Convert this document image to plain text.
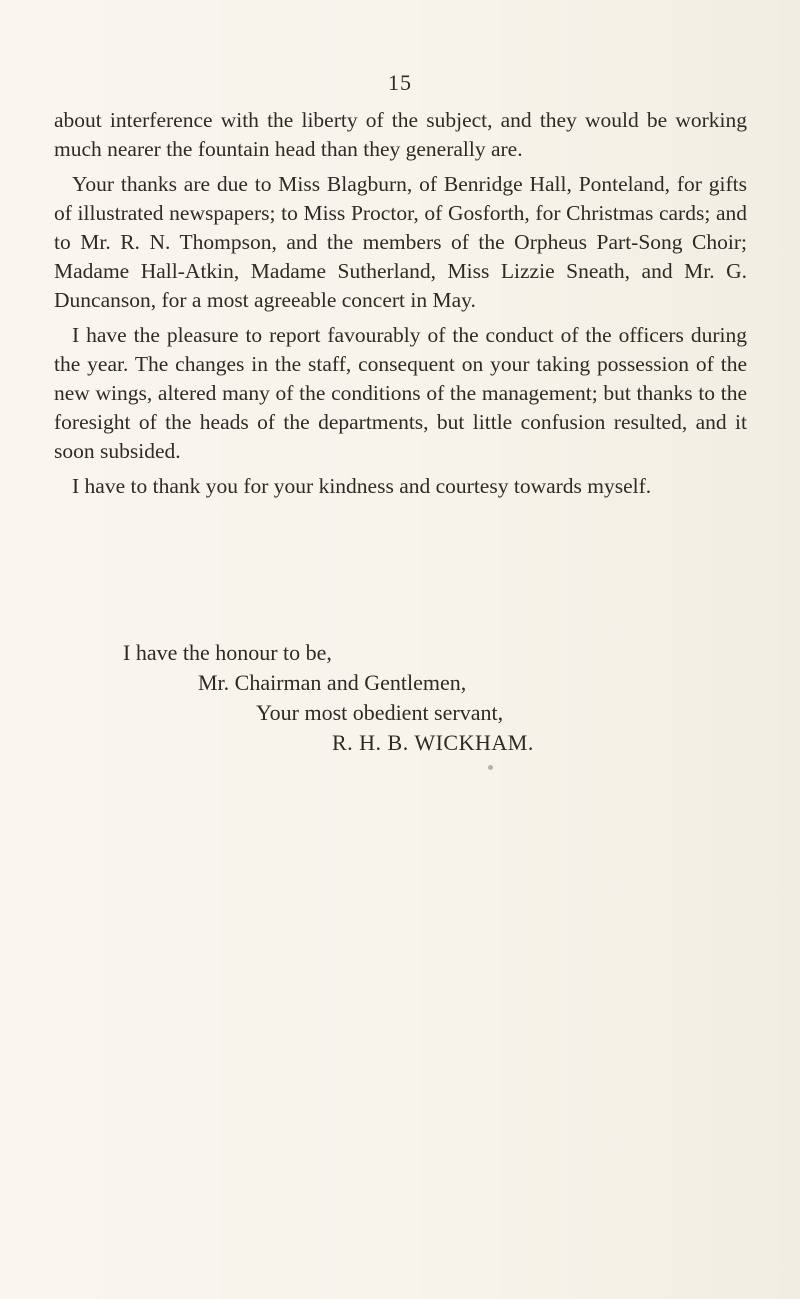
15

about interference with the liberty of the subject, and they would be working much nearer the fountain head than they generally are.

Your thanks are due to Miss Blagburn, of Benridge Hall, Ponteland, for gifts of illustrated newspapers; to Miss Proctor, of Gosforth, for Christmas cards; and to Mr. R. N. Thompson, and the members of the Orpheus Part-Song Choir; Madame Hall-Atkin, Madame Sutherland, Miss Lizzie Sneath, and Mr. G. Duncanson, for a most agreeable concert in May.

I have the pleasure to report favourably of the conduct of the officers during the year. The changes in the staff, consequent on your taking possession of the new wings, altered many of the conditions of the management; but thanks to the foresight of the heads of the departments, but little confusion resulted, and it soon subsided.

I have to thank you for your kindness and courtesy towards myself.

I have the honour to be,
Mr. Chairman and Gentlemen,
Your most obedient servant,
R. H. B. WICKHAM.
